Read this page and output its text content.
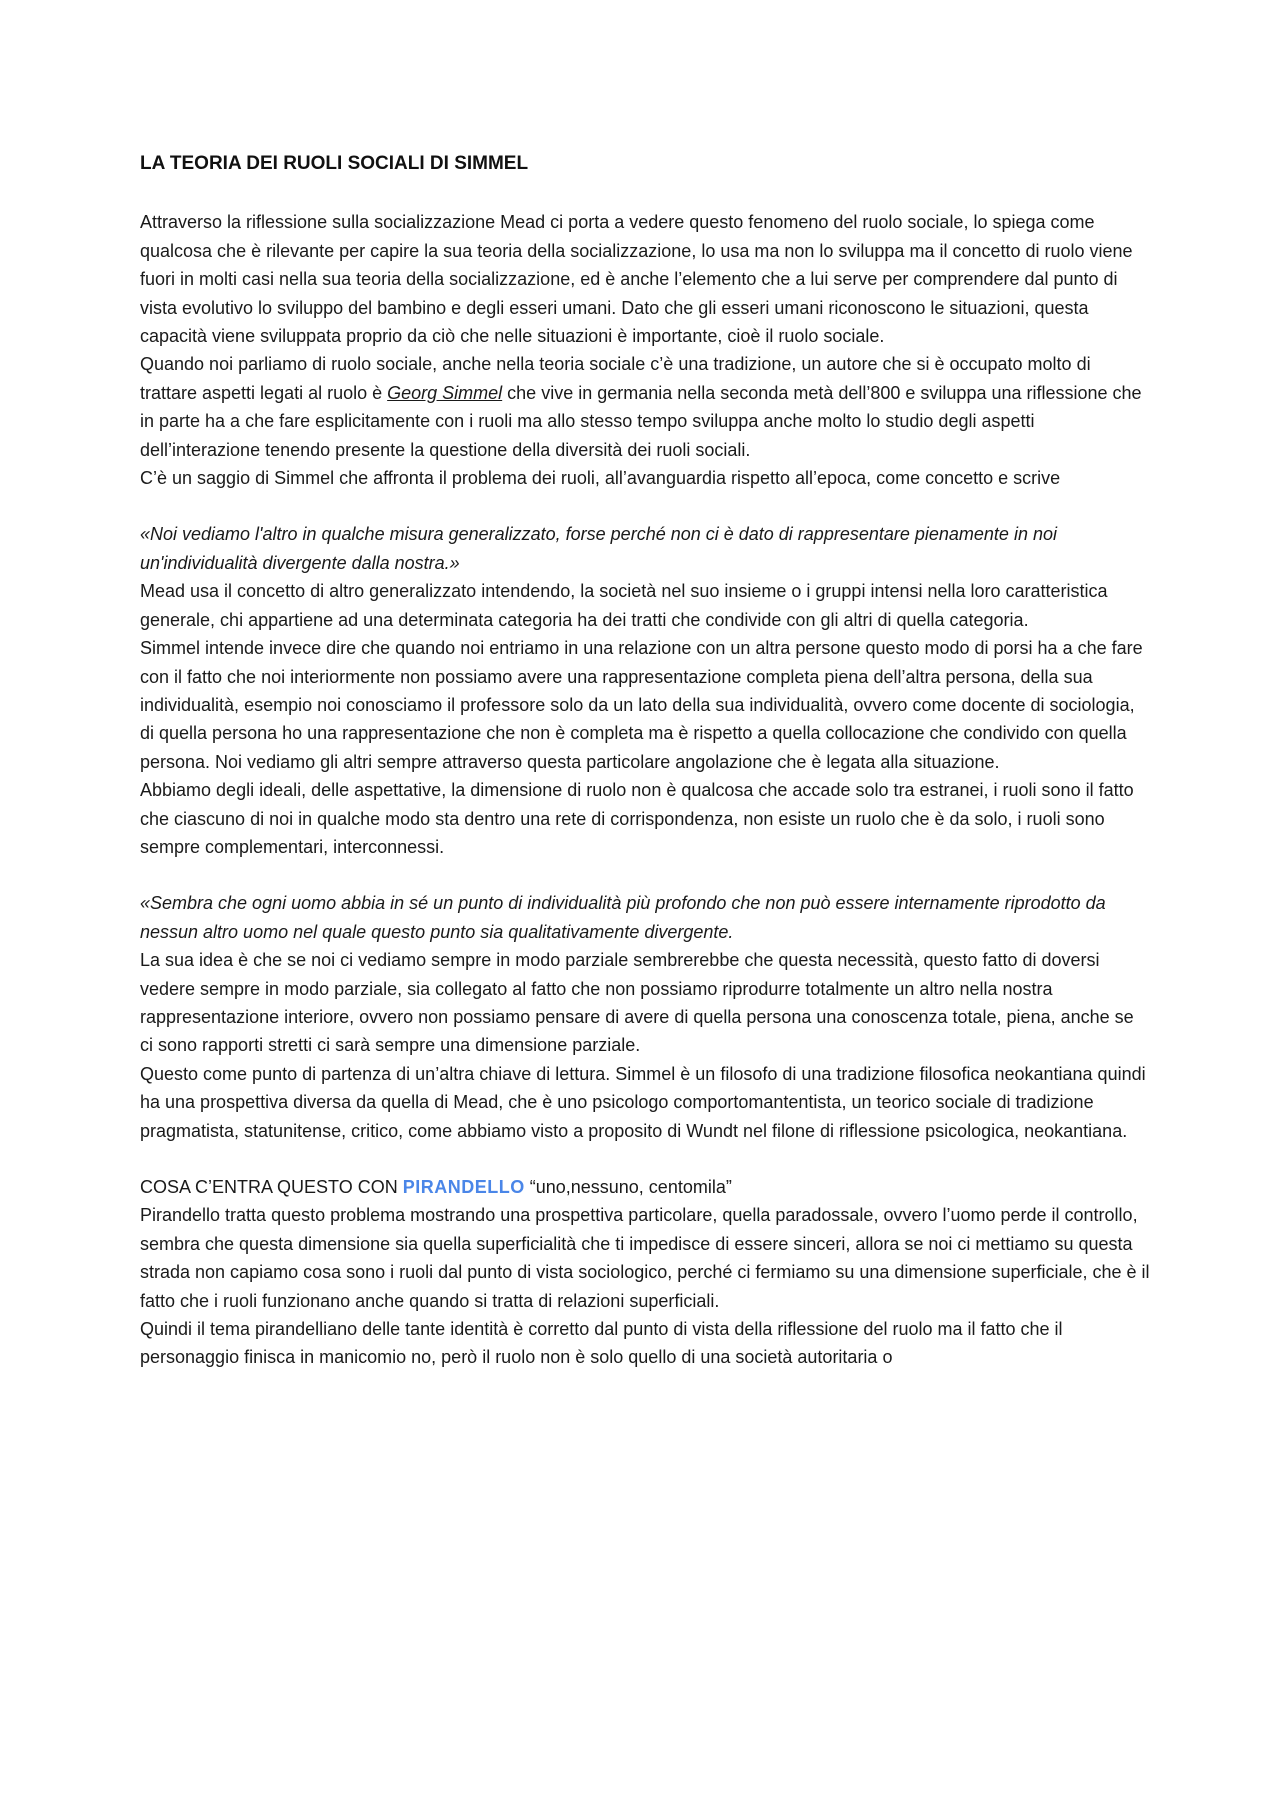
LA TEORIA DEI RUOLI SOCIALI DI SIMMEL

Attraverso la riflessione sulla socializzazione Mead ci porta a vedere questo fenomeno del ruolo sociale, lo spiega come qualcosa che è rilevante per capire la sua teoria della socializzazione, lo usa ma non lo sviluppa ma il concetto di ruolo viene fuori in molti casi nella sua teoria della socializzazione, ed è anche l’elemento che a lui serve per comprendere dal punto di vista evolutivo lo sviluppo del bambino e degli esseri umani. Dato che gli esseri umani riconoscono le situazioni, questa capacità viene sviluppata proprio da ciò che nelle situazioni è importante, cioè il ruolo sociale.

Quando noi parliamo di ruolo sociale, anche nella teoria sociale c’è una tradizione, un autore che si è occupato molto di trattare aspetti legati al ruolo è Georg Simmel che vive in germania nella seconda metà dell’800 e sviluppa una riflessione che in parte ha a che fare esplicitamente con i ruoli ma allo stesso tempo sviluppa anche molto lo studio degli aspetti dell’interazione tenendo presente la questione della diversità dei ruoli sociali.

C’è un saggio di Simmel che affronta il problema dei ruoli, all’avanguardia rispetto all’epoca, come concetto e scrive

«Noi vediamo l'altro in qualche misura generalizzato, forse perché non ci è dato di rappresentare pienamente in noi un'individualità divergente dalla nostra.»

Mead usa il concetto di altro generalizzato intendendo, la società nel suo insieme o i gruppi intensi nella loro caratteristica generale, chi appartiene ad una determinata categoria ha dei tratti che condivide con gli altri di quella categoria.

Simmel intende invece dire che quando noi entriamo in una relazione con un altra persone questo modo di porsi ha a che fare con il fatto che noi interiormente non possiamo avere una rappresentazione completa piena dell’altra persona, della sua individualità, esempio noi conosciamo il professore solo da un lato della sua individualità, ovvero come docente di sociologia, di quella persona ho una rappresentazione che non è completa ma è rispetto a quella collocazione che condivido con quella persona. Noi vediamo gli altri sempre attraverso questa particolare angolazione che è legata alla situazione.

Abbiamo degli ideali, delle aspettative, la dimensione di ruolo non è qualcosa che accade solo tra estranei, i ruoli sono il fatto che ciascuno di noi in qualche modo sta dentro una rete di corrispondenza, non esiste un ruolo che è da solo, i ruoli sono sempre complementari, interconnessi.

«Sembra che ogni uomo abbia in sé un punto di individualità più profondo che non può essere internamente riprodotto da nessun altro uomo nel quale questo punto sia qualitativamente divergente.

La sua idea è che se noi ci vediamo sempre in modo parziale sembrerebbe che questa necessità, questo fatto di doversi vedere sempre in modo parziale, sia collegato al fatto che non possiamo riprodurre totalmente un altro nella nostra rappresentazione interiore, ovvero non possiamo pensare di avere di quella persona una conoscenza totale, piena, anche se ci sono rapporti stretti ci sarà sempre una dimensione parziale.

Questo come punto di partenza di un’altra chiave di lettura. Simmel è un filosofo di una tradizione filosofica neokantiana quindi ha una prospettiva diversa da quella di Mead, che è uno psicologo comportomantentista, un teorico sociale di tradizione pragmatista, statunitense, critico, come abbiamo visto a proposito di Wundt nel filone di riflessione psicologica, neokantiana.

COSA C’ENTRA QUESTO CON PIRANDELLO “uno,nessuno, centomila”

Pirandello tratta questo problema mostrando una prospettiva particolare, quella paradossale, ovvero l’uomo perde il controllo, sembra che questa dimensione sia quella superficialità che ti impedisce di essere sinceri, allora se noi ci mettiamo su questa strada non capiamo cosa sono i ruoli dal punto di vista sociologico, perché ci fermiamo su una dimensione superficiale, che è il fatto che i ruoli funzionano anche quando si tratta di relazioni superficiali.

Quindi il tema pirandelliano delle tante identità è corretto dal punto di vista della riflessione del ruolo ma il fatto che il personaggio finisca in manicomio no, però il ruolo non è solo quello di una società autoritaria o
